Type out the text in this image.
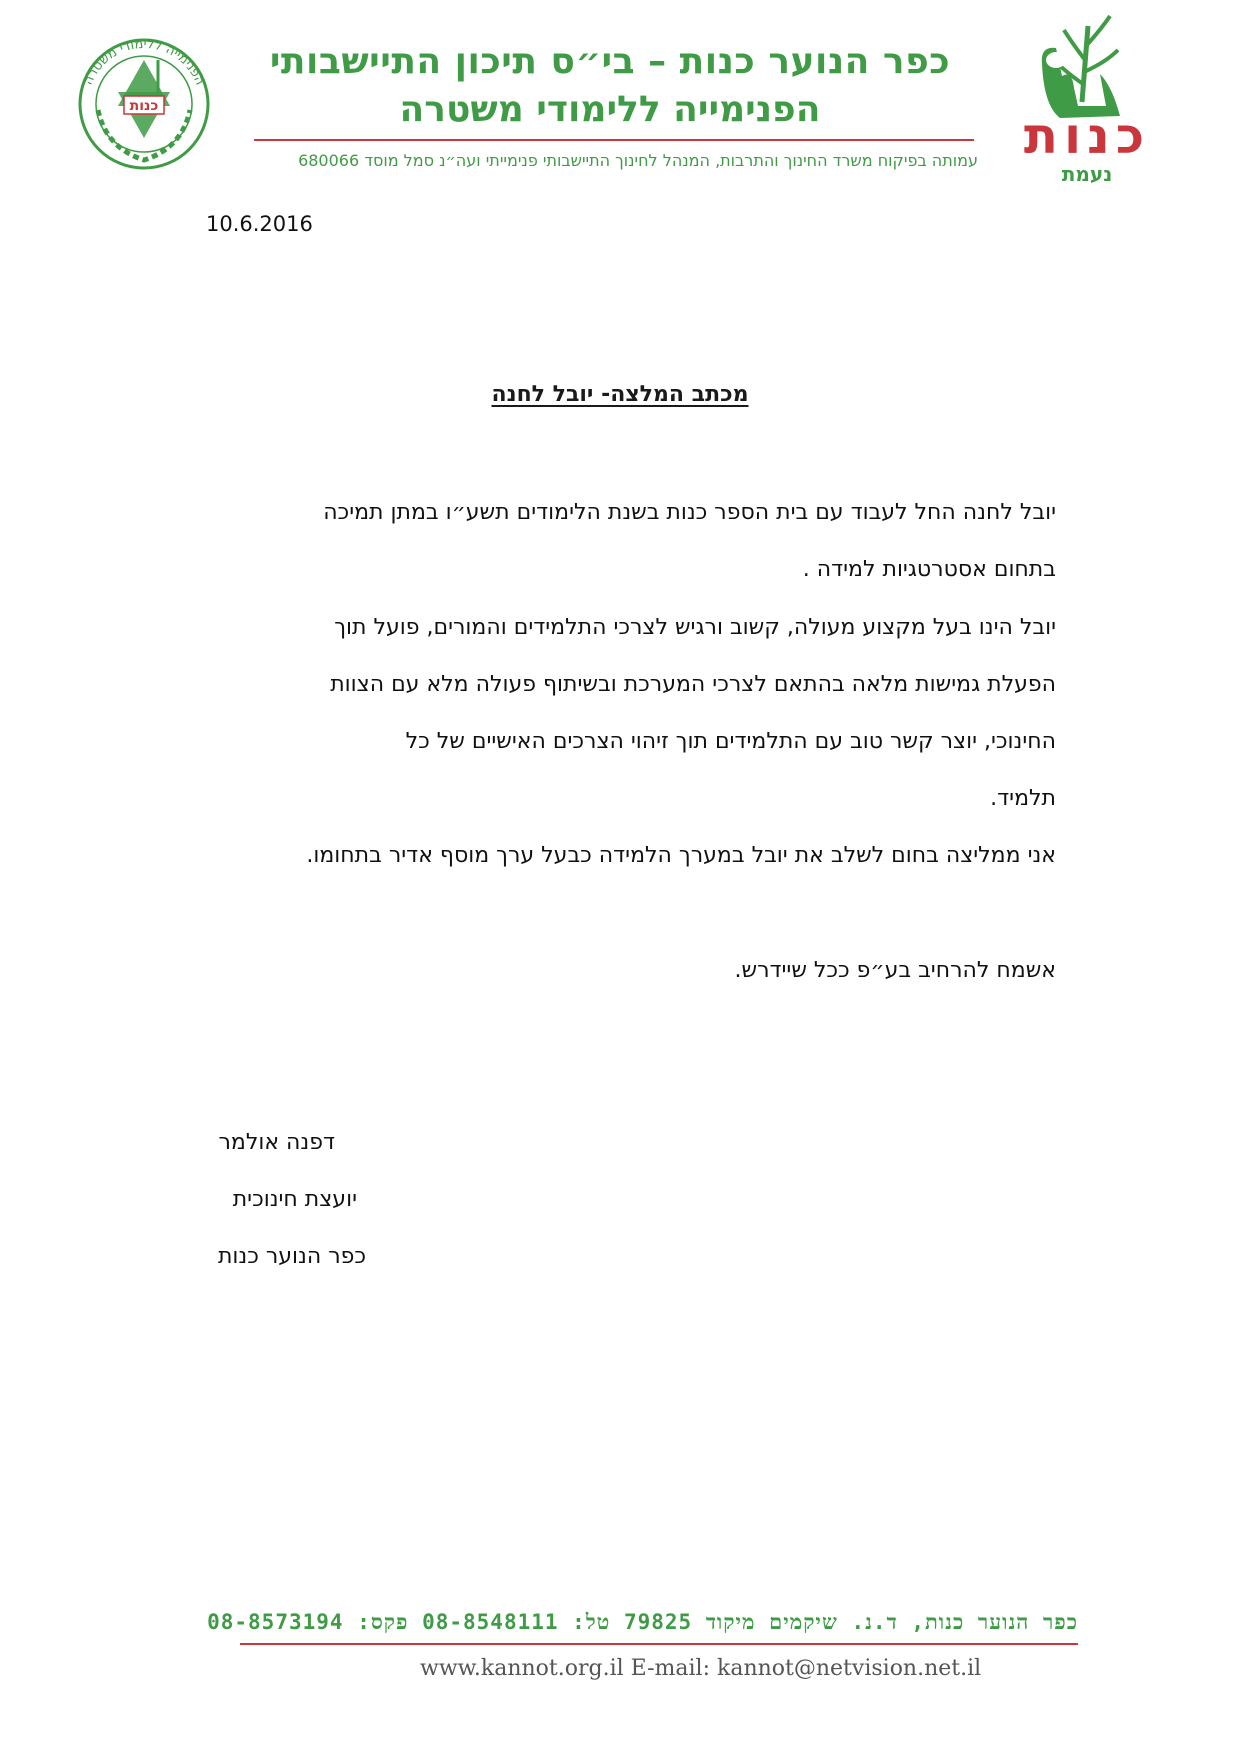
הפנימייה ללימודי משטרה
כנות
כנות
נעמת
כפר הנוער כנות – בי״ס תיכון התיישבותי
הפנימייה ללימודי משטרה
עמותה בפיקוח משרד החינוך והתרבות, המנהל לחינוך התיישבותי פנימייתי ועה״נ סמל מוסד 680066
10.6.2016
מכתב המלצה- יובל לחנה
יובל לחנה החל לעבוד עם בית הספר כנות בשנת הלימודים תשע״ו במתן תמיכה
בתחום אסטרטגיות למידה .
יובל הינו בעל מקצוע מעולה, קשוב ורגיש לצרכי התלמידים והמורים, פועל תוך
הפעלת גמישות מלאה בהתאם לצרכי המערכת ובשיתוף פעולה מלא עם הצוות
החינוכי, יוצר קשר טוב עם התלמידים תוך זיהוי הצרכים האישיים של כל
תלמיד.
אני ממליצה בחום לשלב את יובל במערך הלמידה כבעל ערך מוסף אדיר בתחומו.
אשמח להרחיב בע״פ ככל שיידרש.
דפנה אולמר
יועצת חינוכית
כפר הנוער כנות
כפר הנוער כנות, ד.נ. שיקמים מיקוד 79825 טל: 08-8548111 פקס: 08-8573194
www.kannot.org.il E-mail: kannot@netvision.net.il
